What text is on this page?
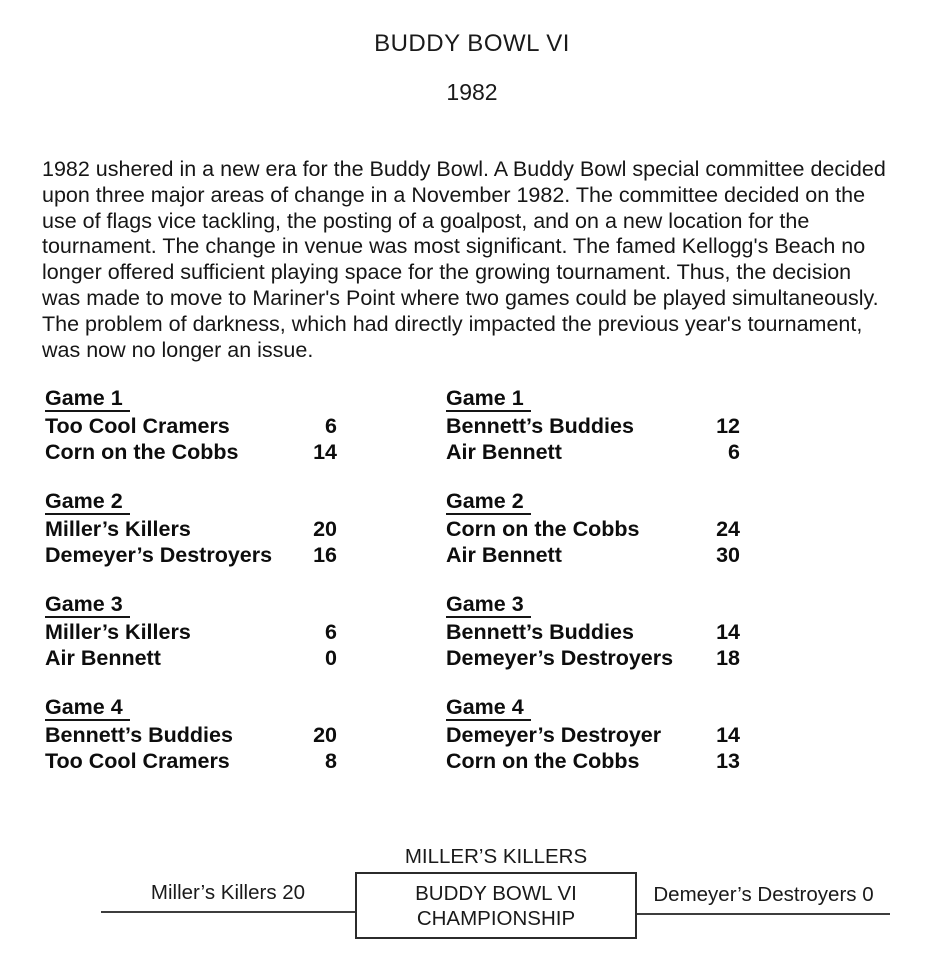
BUDDY BOWL VI
1982
1982 ushered in a new era for the Buddy Bowl. A Buddy Bowl special committee decided
upon three major areas of change in a November 1982. The committee decided on the
use of flags vice tackling, the posting of a goalpost, and on a new location for the
tournament. The change in venue was most significant. The famed Kellogg's Beach no
longer offered sufficient playing space for the growing tournament. Thus, the decision
was made to move to Mariner's Point where two games could be played simultaneously.
The problem of darkness, which had directly impacted the previous year's tournament,
was now no longer an issue.
Game 1
Too Cool Cramers	6
Corn on the Cobbs	14
Game 2
Miller’s Killers	20
Demeyer’s Destroyers 16
Game 3
Miller’s Killers	6
Air Bennett	0
Game 4
Bennett’s Buddies	20
Too Cool Cramers	8
Game 1
Bennett’s Buddies	12
Air Bennett	6
Game 2
Corn on the Cobbs	24
Air Bennett	30
Game 3
Bennett’s Buddies	14
Demeyer’s Destroyers 18
Game 4
Demeyer’s Destroyer	14
Corn on the Cobbs	13
MILLER’S KILLERS
BUDDY BOWL VI
CHAMPIONSHIP
Miller’s Killers 20	Demeyer’s Destroyers 0
